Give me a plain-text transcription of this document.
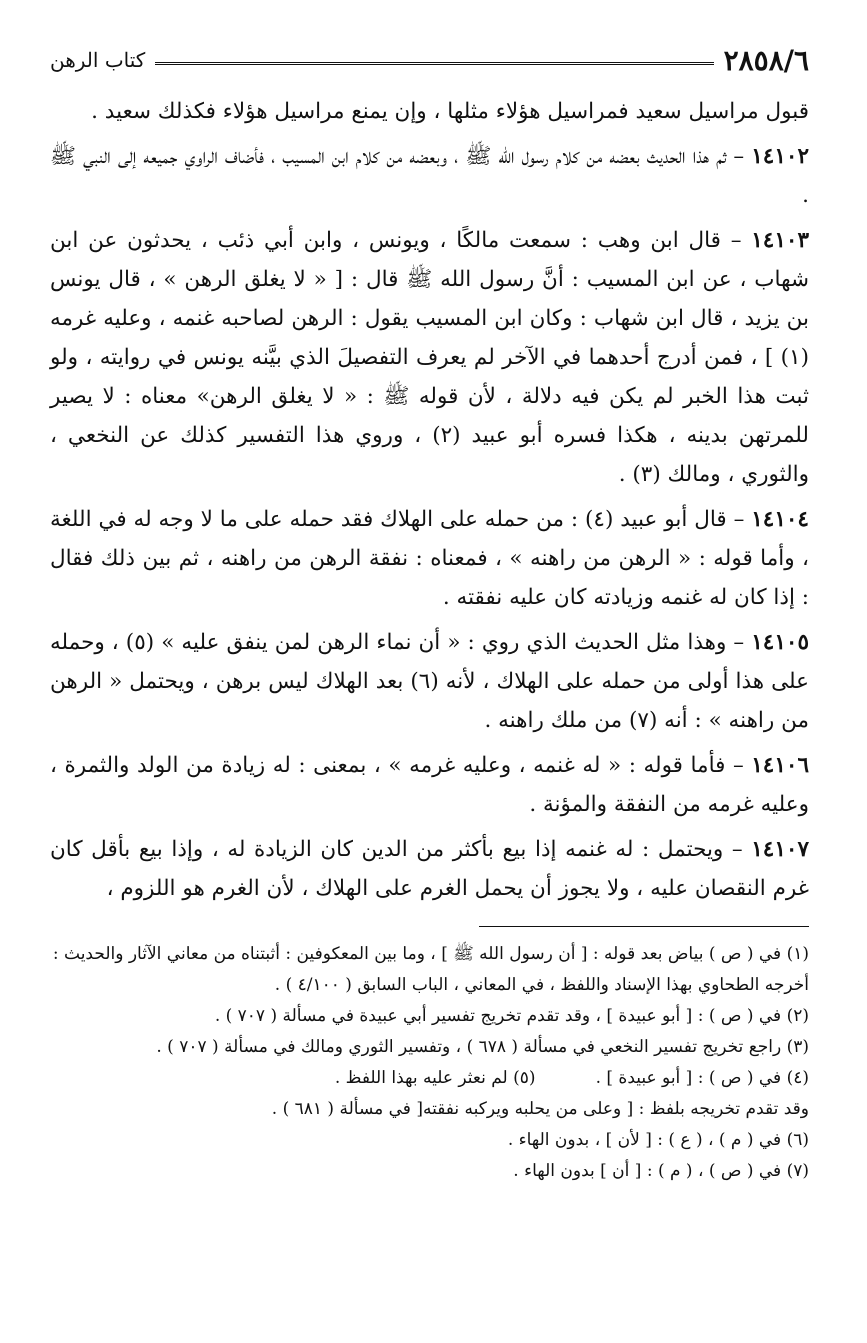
٢٨٥٨/٦
كتاب الرهن

قبول مراسيل سعيد فمراسيل هؤلاء مثلها ، وإن يمنع مراسيل هؤلاء فكذلك سعيد .

١٤١٠٢ – ثم هذا الحديث بعضه من كلام رسول الله ﷺ ، وبعضه من كلام ابن المسيب ، فأضاف الراوي جميعه إلى النبي ﷺ .

١٤١٠٣ – قال ابن وهب : سمعت مالكًا ، ويونس ، وابن أبي ذئب ، يحدثون عن ابن شهاب ، عن ابن المسيب : أنَّ رسول الله ﷺ قال : [ « لا يغلق الرهن » ، قال يونس بن يزيد ، قال ابن شهاب : وكان ابن المسيب يقول : الرهن لصاحبه غنمه ، وعليه غرمه (١) ] ، فمن أدرج أحدهما في الآخر لم يعرف التفصيلَ الذي بيَّنه يونس في روايته ، ولو ثبت هذا الخبر لم يكن فيه دلالة ، لأن قوله ﷺ : « لا يغلق الرهن» معناه : لا يصير للمرتهن بدينه ، هكذا فسره أبو عبيد (٢) ، وروي هذا التفسير كذلك عن النخعي ، والثوري ، ومالك (٣) .

١٤١٠٤ – قال أبو عبيد (٤) : من حمله على الهلاك فقد حمله على ما لا وجه له في اللغة ، وأما قوله : « الرهن من راهنه » ، فمعناه : نفقة الرهن من راهنه ، ثم بين ذلك فقال : إذا كان له غنمه وزيادته كان عليه نفقته .

١٤١٠٥ – وهذا مثل الحديث الذي روي : « أن نماء الرهن لمن ينفق عليه » (٥) ، وحمله على هذا أولى من حمله على الهلاك ، لأنه (٦) بعد الهلاك ليس برهن ، ويحتمل « الرهن من راهنه » : أنه (٧) من ملك راهنه .

١٤١٠٦ – فأما قوله : « له غنمه ، وعليه غرمه » ، بمعنى : له زيادة من الولد والثمرة ، وعليه غرمه من النفقة والمؤنة .

١٤١٠٧ – ويحتمل : له غنمه إذا بيع بأكثر من الدين كان الزيادة له ، وإذا بيع بأقل كان غرم النقصان عليه ، ولا يجوز أن يحمل الغرم على الهلاك ، لأن الغرم هو اللزوم ،

(١) في ( ص ) بياض بعد قوله : [ أن رسول الله ﷺ ] ، وما بين المعكوفين : أثبتناه من معاني الآثار والحديث : أخرجه الطحاوي بهذا الإسناد واللفظ ، في المعاني ، الباب السابق ( ٤/١٠٠ ) .

(٢) في ( ص ) : [ أبو عبيدة ] ، وقد تقدم تخريج تفسير أبي عبيدة في مسألة ( ٧٠٧ ) .

(٣) راجع تخريج تفسير النخعي في مسألة ( ٦٧٨ ) ، وتفسير الثوري ومالك في مسألة ( ٧٠٧ ) .

(٤) في ( ص ) : [ أبو عبيدة ] .
(٥) لم نعثر عليه بهذا اللفظ .

وقد تقدم تخريجه بلفظ : [ وعلى من يحلبه ويركبه نفقته[ في مسألة ( ٦٨١ ) .

(٦) في ( م ) ، ( ع ) : [ لأن ] ، بدون الهاء .

(٧) في ( ص ) ، ( م ) : [ أن ] بدون الهاء .
